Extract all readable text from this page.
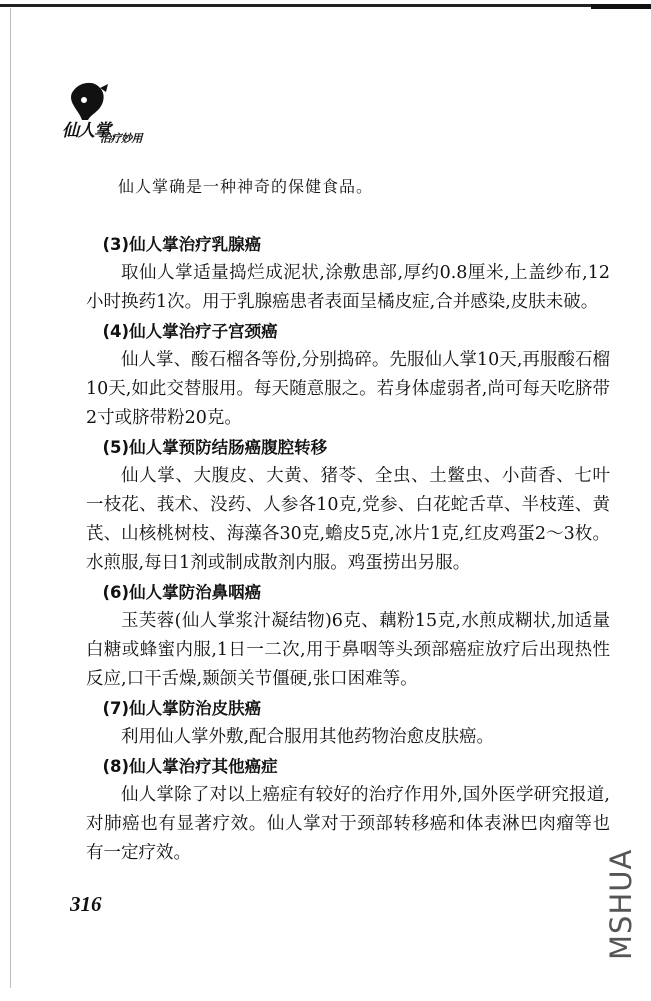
仙人掌
治疗妙用

仙人掌确是一种神奇的保健食品。

(3)仙人掌治疗乳腺癌

取仙人掌适量捣烂成泥状,涂敷患部,厚约0.8厘米,上盖纱布,12小时换药1次。用于乳腺癌患者表面呈橘皮症,合并感染,皮肤未破。

(4)仙人掌治疗子宫颈癌

仙人掌、酸石榴各等份,分别捣碎。先服仙人掌10天,再服酸石榴10天,如此交替服用。每天随意服之。若身体虚弱者,尚可每天吃脐带2寸或脐带粉20克。

(5)仙人掌预防结肠癌腹腔转移

仙人掌、大腹皮、大黄、猪苓、全虫、土鳖虫、小茴香、七叶一枝花、莪术、没药、人参各10克,党参、白花蛇舌草、半枝莲、黄芪、山核桃树枝、海藻各30克,蟾皮5克,冰片1克,红皮鸡蛋2～3枚。水煎服,每日1剂或制成散剂内服。鸡蛋捞出另服。

(6)仙人掌防治鼻咽癌

玉芙蓉(仙人掌浆汁凝结物)6克、藕粉15克,水煎成糊状,加适量白糖或蜂蜜内服,1日一二次,用于鼻咽等头颈部癌症放疗后出现热性反应,口干舌燥,颞颌关节僵硬,张口困难等。

(7)仙人掌防治皮肤癌

利用仙人掌外敷,配合服用其他药物治愈皮肤癌。

(8)仙人掌治疗其他癌症

仙人掌除了对以上癌症有较好的治疗作用外,国外医学研究报道,对肺癌也有显著疗效。仙人掌对于颈部转移癌和体表淋巴肉瘤等也有一定疗效。

316	MSHUA
